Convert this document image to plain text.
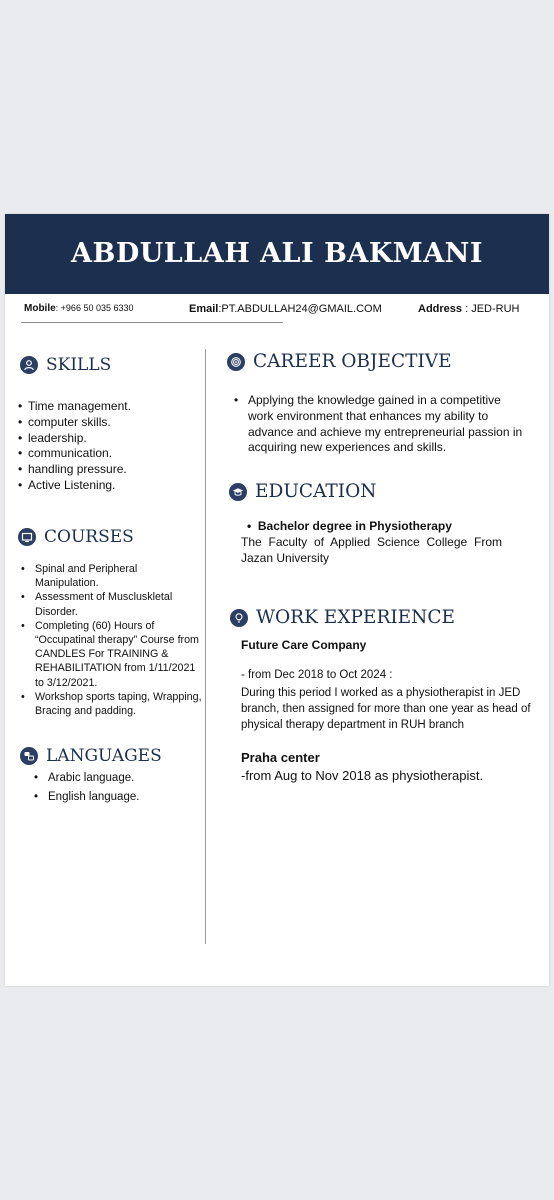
ABDULLAH ALI BAKMANI
Mobile: +966 50 035 6330	Email:PT.ABDULLAH24@GMAIL.COM	Address : JED-RUH
SKILLS
• Time management.
• computer skills.
• leadership.
• communication.
• handling pressure.
• Active Listening.
COURSES
• Spinal and Peripheral Manipulation.
• Assessment of Muscluskletal Disorder.
• Completing (60) Hours of “Occupatinal therapy” Course from CANDLES For TRAINING & REHABILITATION from 1/11/2021 to 3/12/2021.
• Workshop sports taping, Wrapping, Bracing and padding.
LANGUAGES
• Arabic language.
• English language.
CAREER OBJECTIVE
• Applying the knowledge gained in a competitive work environment that enhances my ability to advance and achieve my entrepreneurial passion in acquiring new experiences and skills.
EDUCATION
•  Bachelor degree in Physiotherapy
The Faculty of Applied Science College From Jazan University
WORK EXPERIENCE
Future Care Company
- from Dec 2018 to Oct 2024 :
During this period I worked as a physiotherapist in JED branch, then assigned for more than one year as head of physical therapy department in RUH branch
Praha center
-from Aug to Nov 2018 as physiotherapist.
